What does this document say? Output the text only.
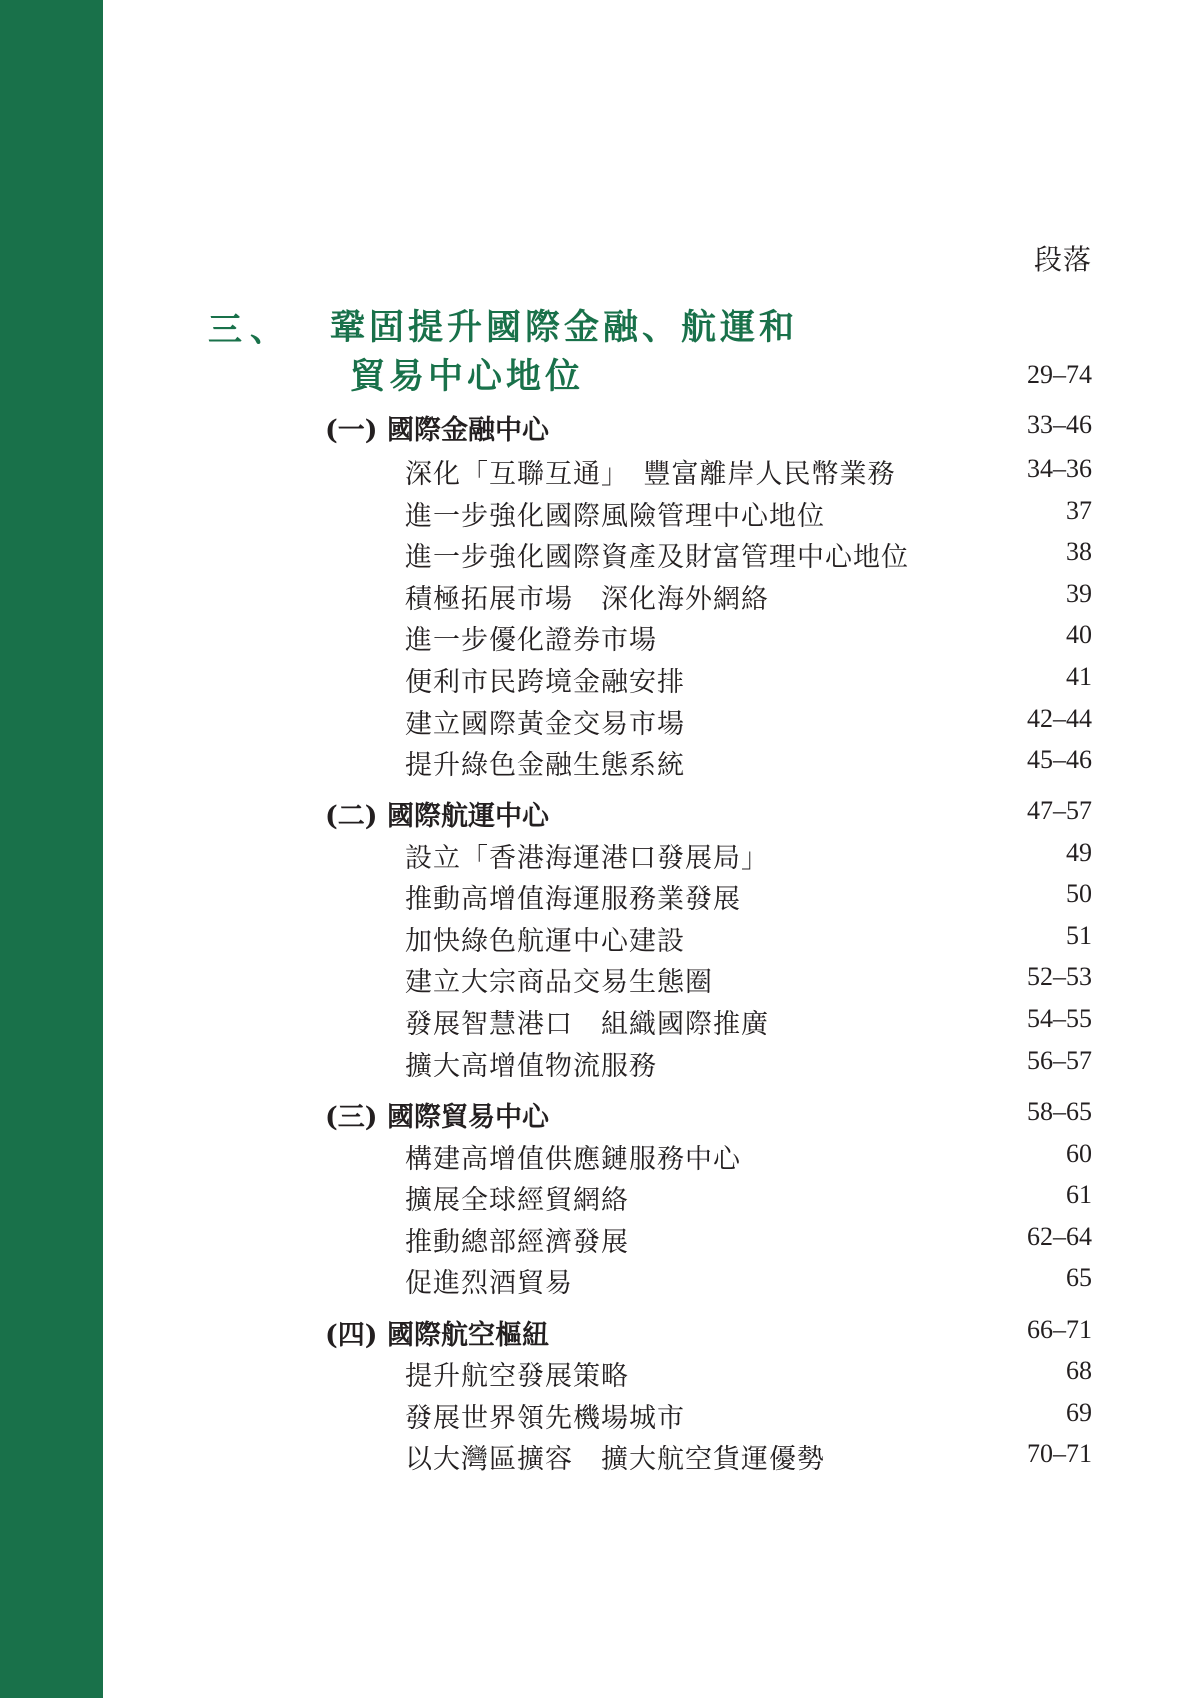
段落
三、 鞏固提升國際金融、航運和
貿易中心地位	29–74
(一) 國際金融中心	33–46
深化「互聯互通」　豐富離岸人民幣業務	34–36
進一步強化國際風險管理中心地位	37
進一步強化國際資產及財富管理中心地位	38
積極拓展市場　深化海外網絡	39
進一步優化證券市場	40
便利市民跨境金融安排	41
建立國際黃金交易市場	42–44
提升綠色金融生態系統	45–46
(二) 國際航運中心	47–57
設立「香港海運港口發展局」	49
推動高增值海運服務業發展	50
加快綠色航運中心建設	51
建立大宗商品交易生態圈	52–53
發展智慧港口　組織國際推廣	54–55
擴大高增值物流服務	56–57
(三) 國際貿易中心	58–65
構建高增值供應鏈服務中心	60
擴展全球經貿網絡	61
推動總部經濟發展	62–64
促進烈酒貿易	65
(四) 國際航空樞紐	66–71
提升航空發展策略	68
發展世界領先機場城市	69
以大灣區擴容　擴大航空貨運優勢	70–71
